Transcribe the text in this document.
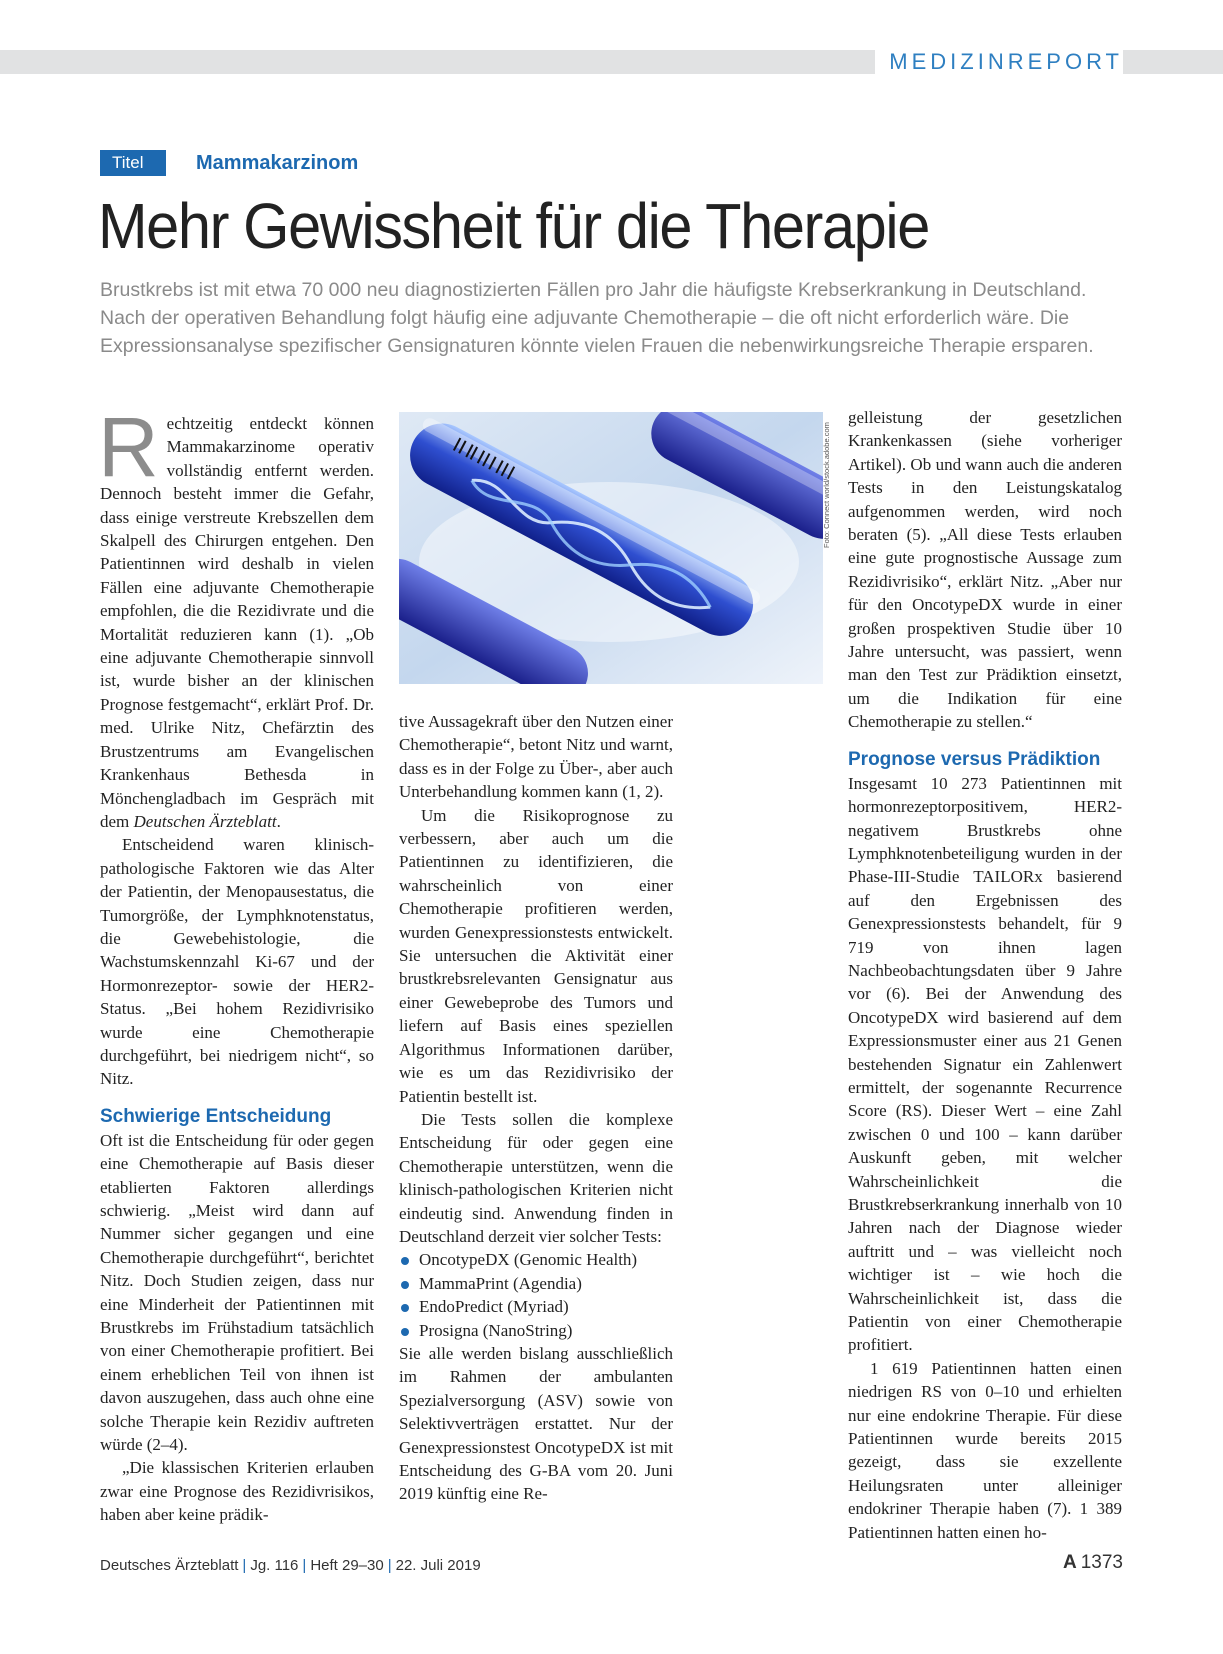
MEDIZINREPORT
Titel	Mammakarzinom
Mehr Gewissheit für die Therapie
Brustkrebs ist mit etwa 70 000 neu diagnostizierten Fällen pro Jahr die häufigste Krebserkrankung in Deutschland.
Nach der operativen Behandlung folgt häufig eine adjuvante Chemotherapie – die oft nicht erforderlich wäre. Die
Expressionsanalyse spezifischer Gensignaturen könnte vielen Frauen die nebenwirkungsreiche Therapie ersparen.

Rechtzeitig entdeckt können Mammakarzinome operativ vollständig entfernt werden. Dennoch besteht immer die Gefahr, dass einige verstreute Krebszellen dem Skalpell des Chirurgen entgehen. Den Patientinnen wird deshalb in vielen Fällen eine adjuvante Chemotherapie empfohlen, die die Rezidivrate und die Mortalität reduzieren kann (1). „Ob eine adjuvante Chemotherapie sinnvoll ist, wurde bisher an der klinischen Prognose festgemacht“, erklärt Prof. Dr. med. Ulrike Nitz, Chefärztin des Brustzentrums am Evangelischen Krankenhaus Bethesda in Mönchengladbach im Gespräch mit dem Deutschen Ärzteblatt.

Entscheidend waren klinisch-pathologische Faktoren wie das Alter der Patientin, der Menopausestatus, die Tumorgröße, der Lymphknotenstatus, die Gewebehistologie, die Wachstumskennzahl Ki-67 und der Hormonrezeptor- sowie der HER2-Status. „Bei hohem Rezidivrisiko wurde eine Chemotherapie durchgeführt, bei niedrigem nicht“, so Nitz.

Schwierige Entscheidung

Oft ist die Entscheidung für oder gegen eine Chemotherapie auf Basis dieser etablierten Faktoren allerdings schwierig. „Meist wird dann auf Nummer sicher gegangen und eine Chemotherapie durchgeführt“, berichtet Nitz. Doch Studien zeigen, dass nur eine Minderheit der Patientinnen mit Brustkrebs im Frühstadium tatsächlich von einer Chemotherapie profitiert. Bei einem erheblichen Teil von ihnen ist davon auszugehen, dass auch ohne eine solche Therapie kein Rezidiv auftreten würde (2–4).

„Die klassischen Kriterien erlauben zwar eine Prognose des Rezidivrisikos, haben aber keine prädik-

Foto: Connect world/stock.adobe.com

tive Aussagekraft über den Nutzen einer Chemotherapie“, betont Nitz und warnt, dass es in der Folge zu Über-, aber auch Unterbehandlung kommen kann (1, 2).

Um die Risikoprognose zu verbessern, aber auch um die Patientinnen zu identifizieren, die wahrscheinlich von einer Chemotherapie profitieren werden, wurden Genexpressionstests entwickelt. Sie untersuchen die Aktivität einer brustkrebsrelevanten Gensignatur aus einer Gewebeprobe des Tumors und liefern auf Basis eines speziellen Algorithmus Informationen darüber, wie es um das Rezidivrisiko der Patientin bestellt ist.

Die Tests sollen die komplexe Entscheidung für oder gegen eine Chemotherapie unterstützen, wenn die klinisch-pathologischen Kriterien nicht eindeutig sind. Anwendung finden in Deutschland derzeit vier solcher Tests:

OncotypeDX (Genomic Health)
MammaPrint (Agendia)
EndoPredict (Myriad)
Prosigna (NanoString)

Sie alle werden bislang ausschließlich im Rahmen der ambulanten Spezialversorgung (ASV) sowie von Selektivverträgen erstattet. Nur der Genexpressionstest OncotypeDX ist mit Entscheidung des G-BA vom 20. Juni 2019 künftig eine Re-

gelleistung der gesetzlichen Krankenkassen (siehe vorheriger Artikel). Ob und wann auch die anderen Tests in den Leistungskatalog aufgenommen werden, wird noch beraten (5). „All diese Tests erlauben eine gute prognostische Aussage zum Rezidivrisiko“, erklärt Nitz. „Aber nur für den OncotypeDX wurde in einer großen prospektiven Studie über 10 Jahre untersucht, was passiert, wenn man den Test zur Prädiktion einsetzt, um die Indikation für eine Chemotherapie zu stellen.“

Prognose versus Prädiktion

Insgesamt 10 273 Patientinnen mit hormonrezeptorpositivem, HER2-negativem Brustkrebs ohne Lymphknotenbeteiligung wurden in der Phase-III-Studie TAILORx basierend auf den Ergebnissen des Genexpressionstests behandelt, für 9 719 von ihnen lagen Nachbeobachtungsdaten über 9 Jahre vor (6). Bei der Anwendung des OncotypeDX wird basierend auf dem Expressionsmuster einer aus 21 Genen bestehenden Signatur ein Zahlenwert ermittelt, der sogenannte Recurrence Score (RS). Dieser Wert – eine Zahl zwischen 0 und 100 – kann darüber Auskunft geben, mit welcher Wahrscheinlichkeit die Brustkrebserkrankung innerhalb von 10 Jahren nach der Diagnose wieder auftritt und – was vielleicht noch wichtiger ist – wie hoch die Wahrscheinlichkeit ist, dass die Patientin von einer Chemotherapie profitiert.

1 619 Patientinnen hatten einen niedrigen RS von 0–10 und erhielten nur eine endokrine Therapie. Für diese Patientinnen wurde bereits 2015 gezeigt, dass sie exzellente Heilungsraten unter alleiniger endokriner Therapie haben (7). 1 389 Patientinnen hatten einen ho-

Deutsches Ärzteblatt | Jg. 116 | Heft 29–30 | 22. Juli 2019	A 1373
